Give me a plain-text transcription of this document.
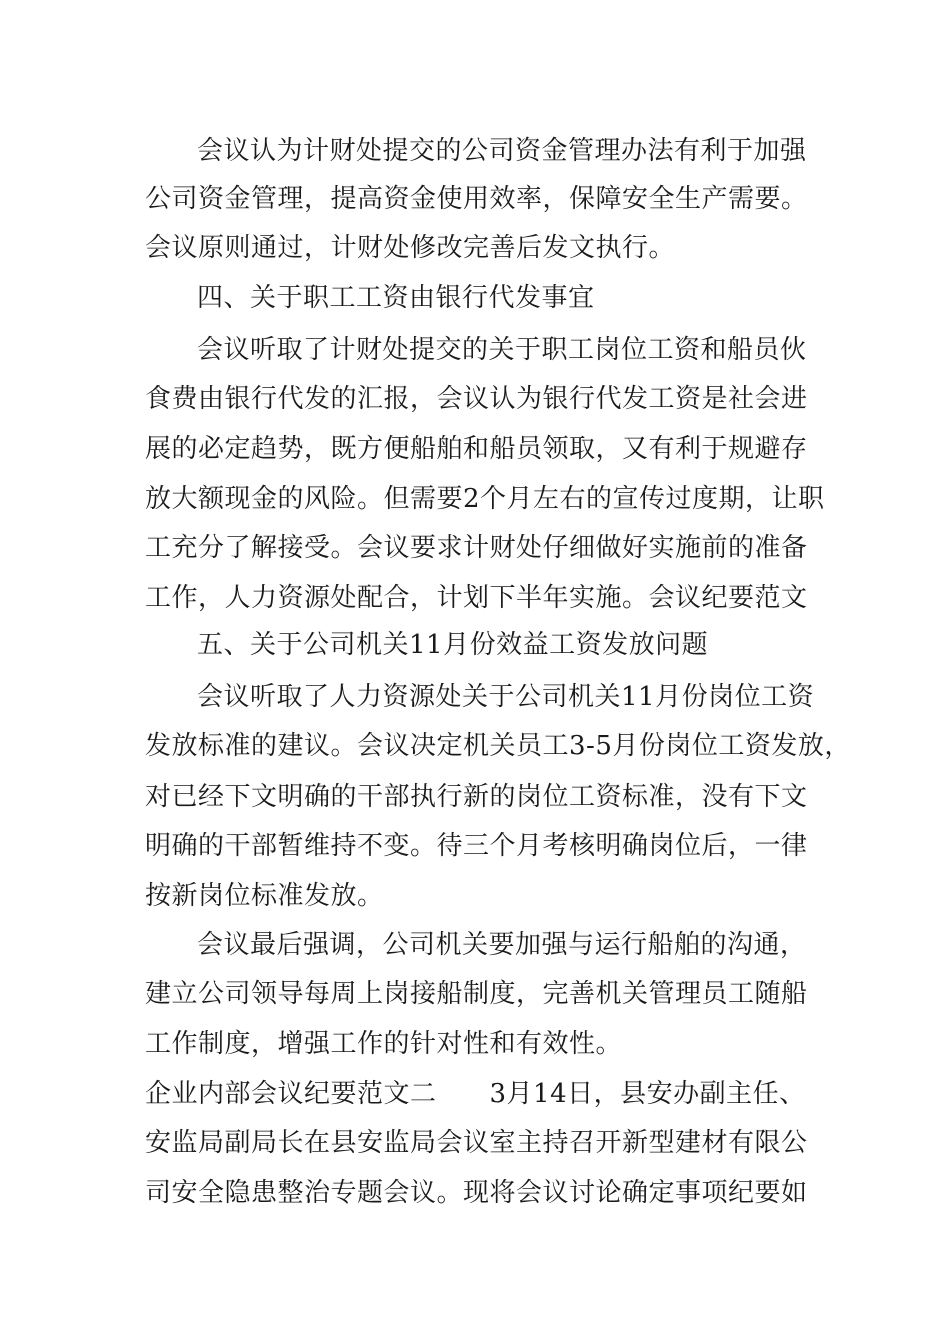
会议认为计财处提交的公司资金管理办法有利于加强
公司资金管理，提高资金使用效率，保障安全生产需要。
会议原则通过，计财处修改完善后发文执行。
四、关于职工工资由银行代发事宜
会议听取了计财处提交的关于职工岗位工资和船员伙
食费由银行代发的汇报，会议认为银行代发工资是社会进
展的必定趋势，既方便船舶和船员领取，又有利于规避存
放大额现金的风险。但需要2个月左右的宣传过度期，让职
工充分了解接受。会议要求计财处仔细做好实施前的准备
工作，人力资源处配合，计划下半年实施。会议纪要范文
五、关于公司机关11月份效益工资发放问题
会议听取了人力资源处关于公司机关11月份岗位工资
发放标准的建议。会议决定机关员工3-5月份岗位工资发放，
对已经下文明确的干部执行新的岗位工资标准，没有下文
明确的干部暂维持不变。待三个月考核明确岗位后，一律
按新岗位标准发放。
会议最后强调，公司机关要加强与运行船舶的沟通，
建立公司领导每周上岗接船制度，完善机关管理员工随船
工作制度，增强工作的针对性和有效性。
企业内部会议纪要范文二　　3月14日，县安办副主任、
安监局副局长在县安监局会议室主持召开新型建材有限公
司安全隐患整治专题会议。现将会议讨论确定事项纪要如
